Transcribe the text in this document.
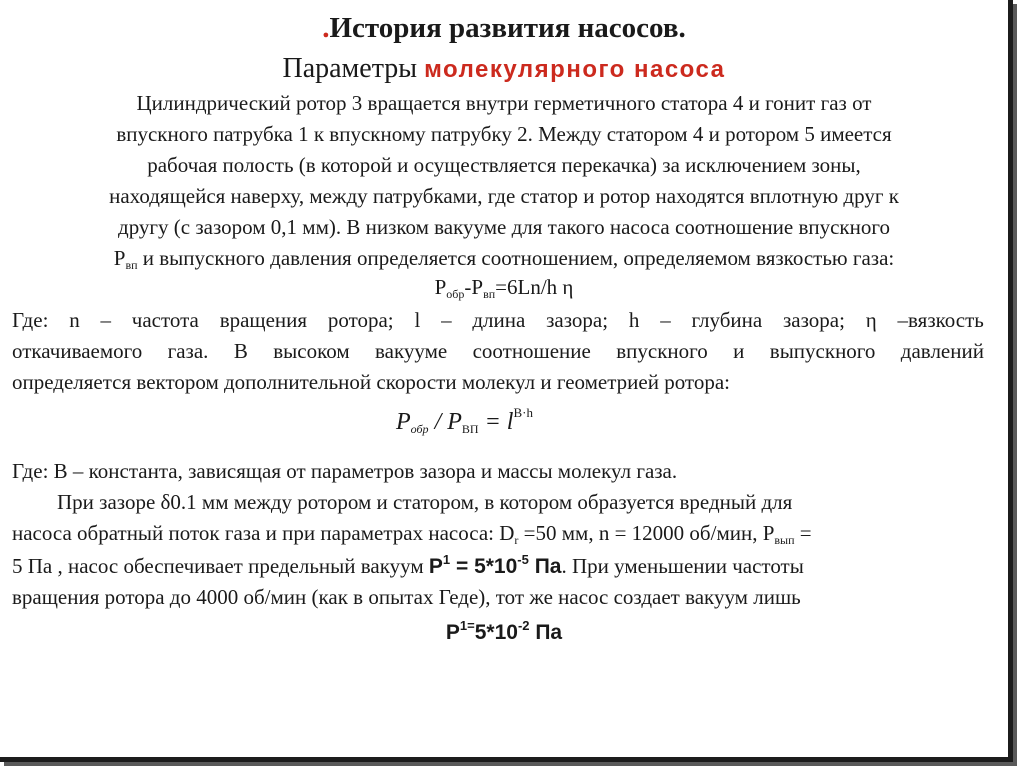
.История развития насосов.
Параметры молекулярного насоса
Цилиндрический ротор 3 вращается внутри герметичного статора 4 и гонит газ от
впускного патрубка 1 к впускному патрубку 2. Между статором 4 и ротором 5 имеется
рабочая полость (в которой и осуществляется перекачка) за исключением зоны,
находящейся наверху, между патрубками, где статор и ротор находятся вплотную друг к
другу (с зазором 0,1 мм). В низком вакууме для такого насоса соотношение впускного
$Р_{вп}$ и выпускного давления определяется соотношением, определяемом вязкостью газа:
$Р_{обр}-Р_{вп}=6Ln/h$ η
Где: n – частота вращения ротора; l – длина зазора; h – глубина зазора; η –вязкость
откачиваемого газа. В высоком вакууме соотношение впускного и выпускного давлений
определяется вектором дополнительной скорости молекул и геометрией ротора:
$P_{обр} / P_{ВП} = l^{В\cdot h}$
Где: В – константа, зависящая от параметров зазора и массы молекул газа.
При зазоре δ0.1 мм между ротором и статором, в котором образуется вредный для
насоса обратный поток газа и при параметрах насоса: $D_r =50$ мм, n = 12000 об/мин, $Р_{вып}$ =
5 Па , насос обеспечивает предельный вакуум $P^1 = 5*10^{-5}$ Па. При уменьшении частоты
вращения ротора до 4000 об/мин (как в опытах Геде), тот же насос создает вакуум лишь
$P^{1=}5*10^{-2}$ Па
